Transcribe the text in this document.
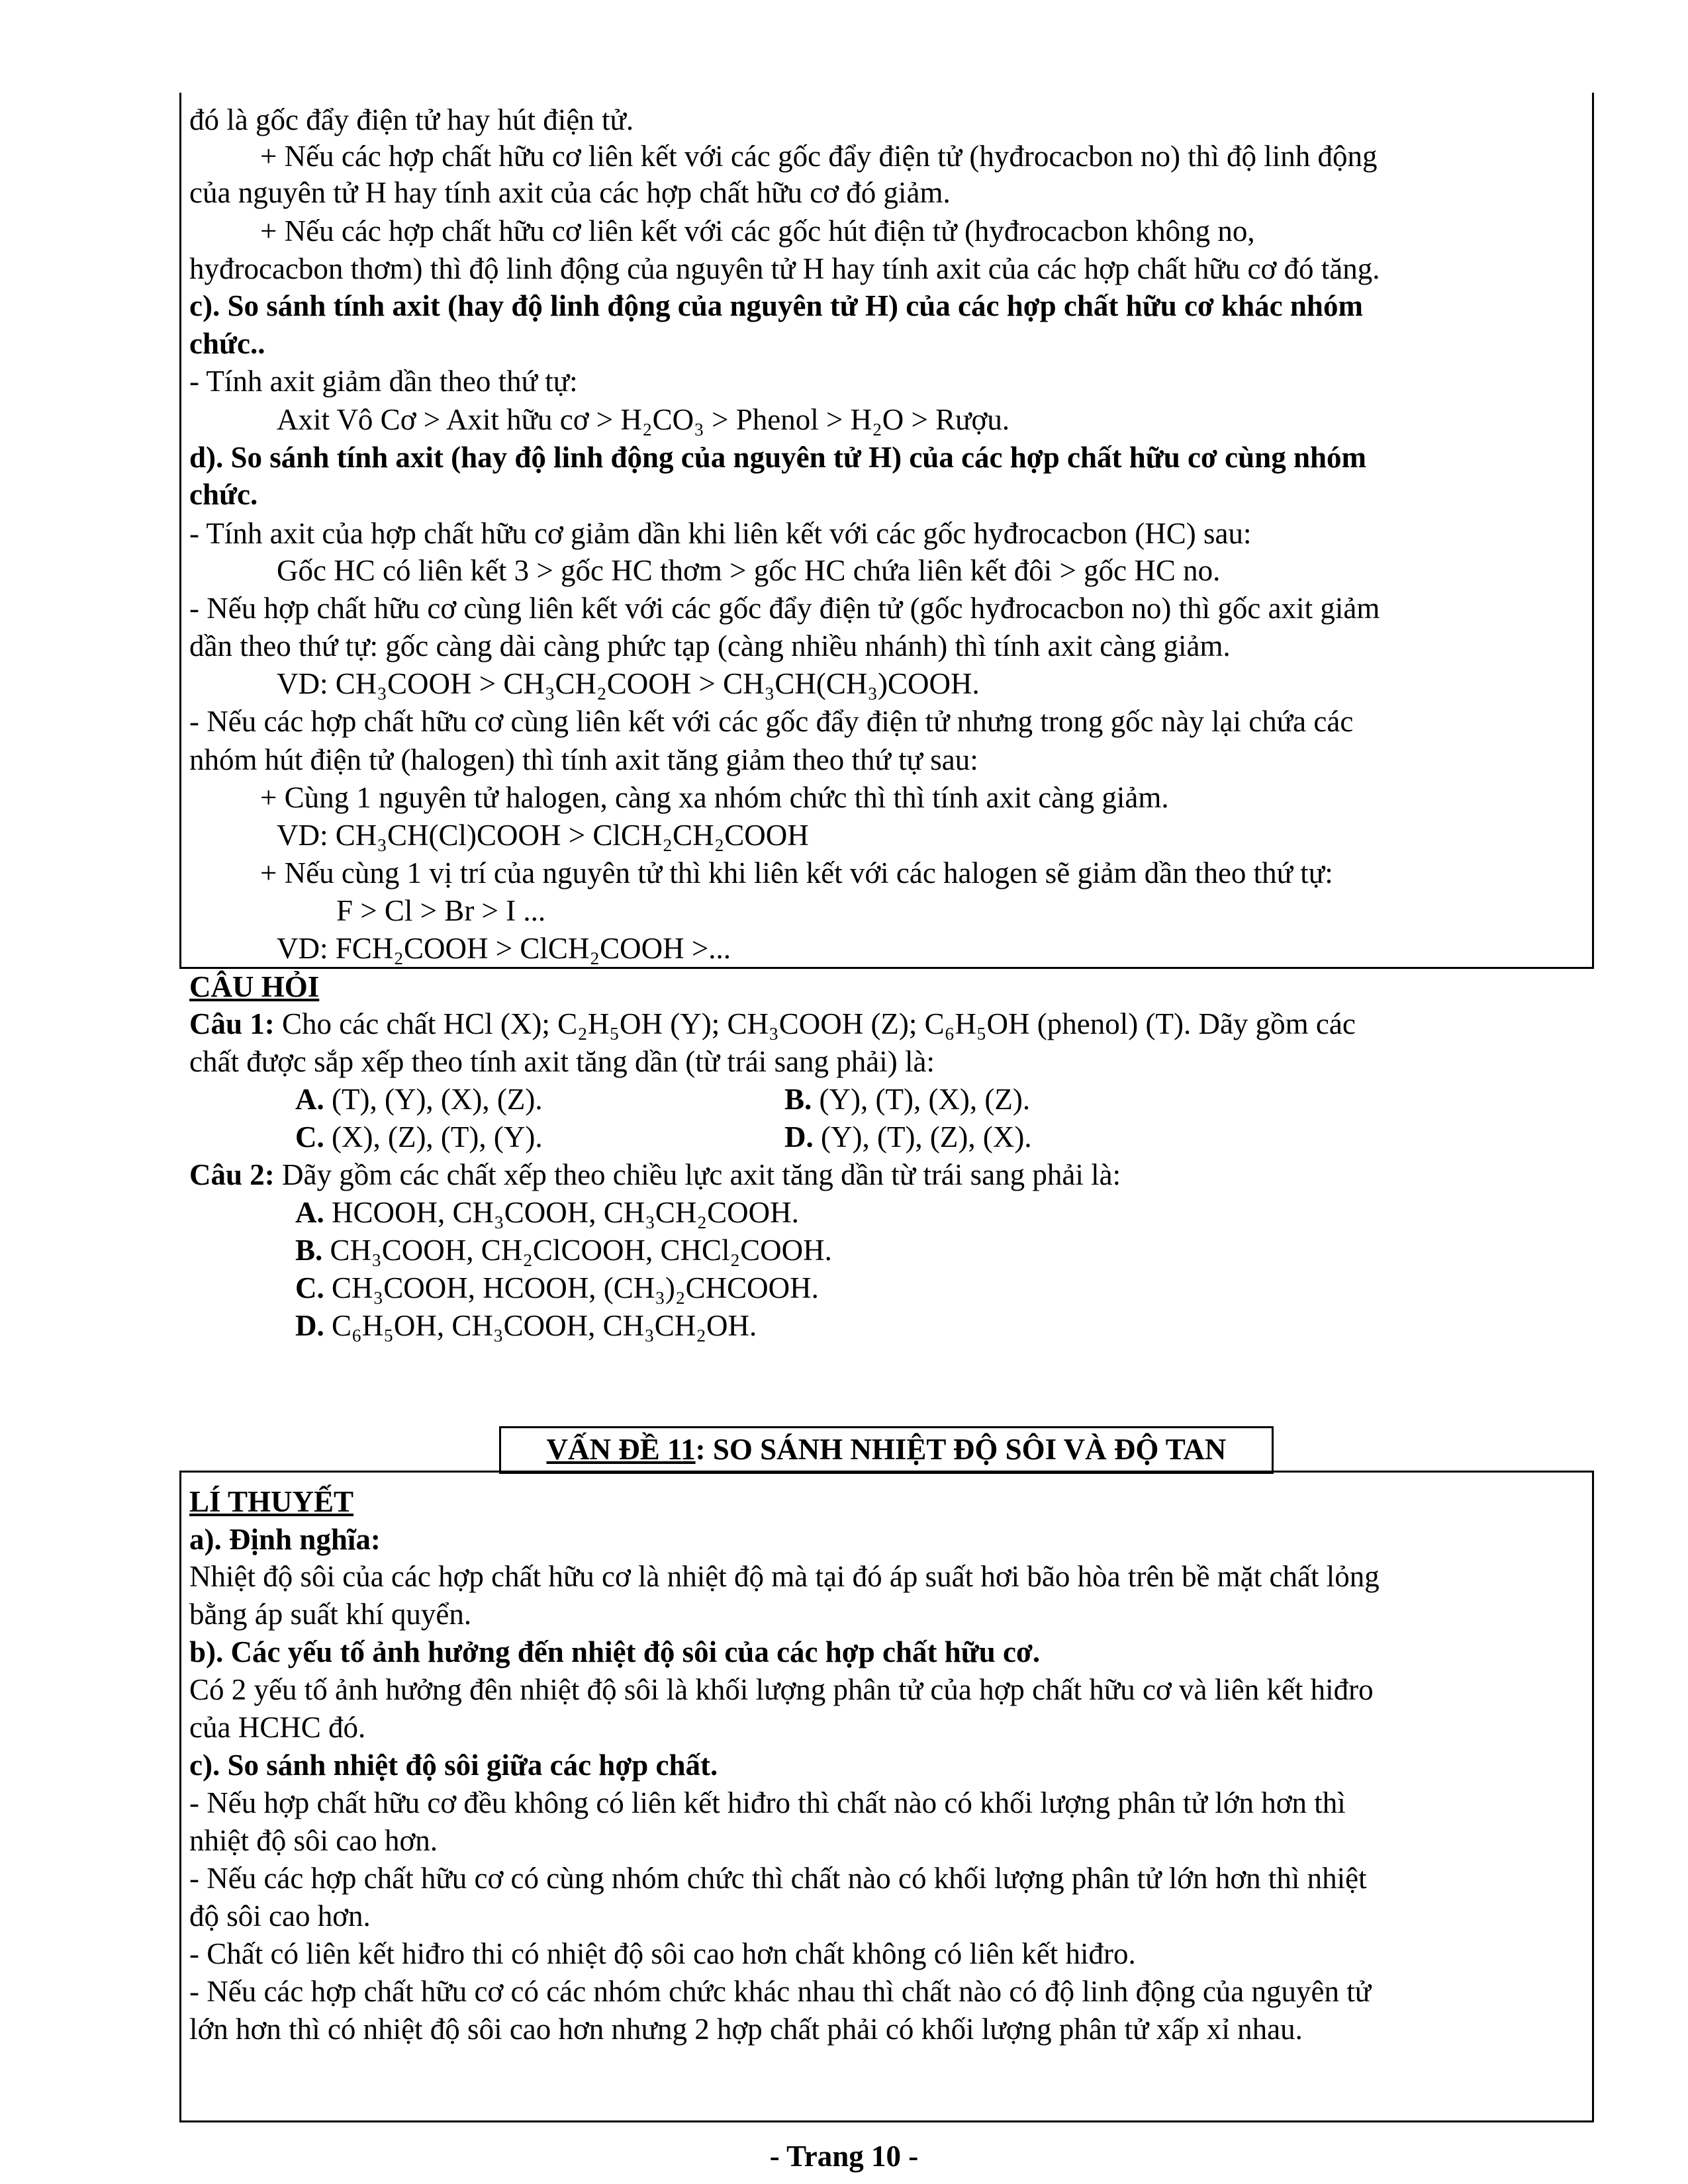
đó là gốc đẩy điện tử hay hút điện tử.
+ Nếu các hợp chất hữu cơ liên kết với các gốc đẩy điện tử (hyđrocacbon no) thì độ linh động
của nguyên tử H hay tính axit của các hợp chất hữu cơ đó giảm.
+ Nếu các hợp chất hữu cơ liên kết với các gốc hút điện tử (hyđrocacbon không no,
hyđrocacbon thơm) thì độ linh động của nguyên tử H hay tính axit của các hợp chất hữu cơ đó tăng.
c). So sánh tính axit (hay độ linh động của nguyên tử H) của các hợp chất hữu cơ khác nhóm
chức..
- Tính axit giảm dần theo thứ tự:
Axit Vô Cơ > Axit hữu cơ > H₂CO₃ > Phenol > H₂O > Rượu.
d). So sánh tính axit (hay độ linh động của nguyên tử H) của các hợp chất hữu cơ cùng nhóm
chức.
- Tính axit của hợp chất hữu cơ giảm dần khi liên kết với các gốc hyđrocacbon (HC) sau:
Gốc HC có liên kết 3 > gốc HC thơm > gốc HC chứa liên kết đôi > gốc HC no.
- Nếu hợp chất hữu cơ cùng liên kết với các gốc đẩy điện tử (gốc hyđrocacbon no) thì gốc axit giảm
dần theo thứ tự: gốc càng dài càng phức tạp (càng nhiều nhánh) thì tính axit càng giảm.
VD: CH₃COOH > CH₃CH₂COOH > CH₃CH(CH₃)COOH.
- Nếu các hợp chất hữu cơ cùng liên kết với các gốc đẩy điện tử nhưng trong gốc này lại chứa các
nhóm hút điện tử (halogen) thì tính axit tăng giảm theo thứ tự sau:
+ Cùng 1 nguyên tử halogen, càng xa nhóm chức thì thì tính axit càng giảm.
VD: CH₃CH(Cl)COOH > ClCH₂CH₂COOH
+ Nếu cùng 1 vị trí của nguyên tử thì khi liên kết với các halogen sẽ giảm dần theo thứ tự:
F > Cl > Br > I ...
VD: FCH₂COOH > ClCH₂COOH >...
CÂU HỎI
Câu 1: Cho các chất HCl (X); C₂H₅OH (Y); CH₃COOH (Z); C₆H₅OH (phenol) (T). Dãy gồm các
chất được sắp xếp theo tính axit tăng dần (từ trái sang phải) là:
A. (T), (Y), (X), (Z).	B. (Y), (T), (X), (Z).
C. (X), (Z), (T), (Y).	D. (Y), (T), (Z), (X).
Câu 2: Dãy gồm các chất xếp theo chiều lực axit tăng dần từ trái sang phải là:
A. HCOOH, CH₃COOH, CH₃CH₂COOH.
B. CH₃COOH, CH₂ClCOOH, CHCl₂COOH.
C. CH₃COOH, HCOOH, (CH₃)₂CHCOOH.
D. C₆H₅OH, CH₃COOH, CH₃CH₂OH.
VẤN ĐỀ 11: SO SÁNH NHIỆT ĐỘ SÔI VÀ ĐỘ TAN
LÍ THUYẾT
a). Định nghĩa:
Nhiệt độ sôi của các hợp chất hữu cơ là nhiệt độ mà tại đó áp suất hơi bão hòa trên bề mặt chất lỏng
bằng áp suất khí quyển.
b). Các yếu tố ảnh hưởng đến nhiệt độ sôi của các hợp chất hữu cơ.
Có 2 yếu tố ảnh hưởng đên nhiệt độ sôi là khối lượng phân tử của hợp chất hữu cơ và liên kết hiđro
của HCHC đó.
c). So sánh nhiệt độ sôi giữa các hợp chất.
- Nếu hợp chất hữu cơ đều không có liên kết hiđro thì chất nào có khối lượng phân tử lớn hơn thì
nhiệt độ sôi cao hơn.
- Nếu các hợp chất hữu cơ có cùng nhóm chức thì chất nào có khối lượng phân tử lớn hơn thì nhiệt
độ sôi cao hơn.
- Chất có liên kết hiđro thi có nhiệt độ sôi cao hơn chất không có liên kết hiđro.
- Nếu các hợp chất hữu cơ có các nhóm chức khác nhau thì chất nào có độ linh động của nguyên tử
lớn hơn thì có nhiệt độ sôi cao hơn nhưng 2 hợp chất phải có khối lượng phân tử xấp xỉ nhau.
- Trang 10 -
